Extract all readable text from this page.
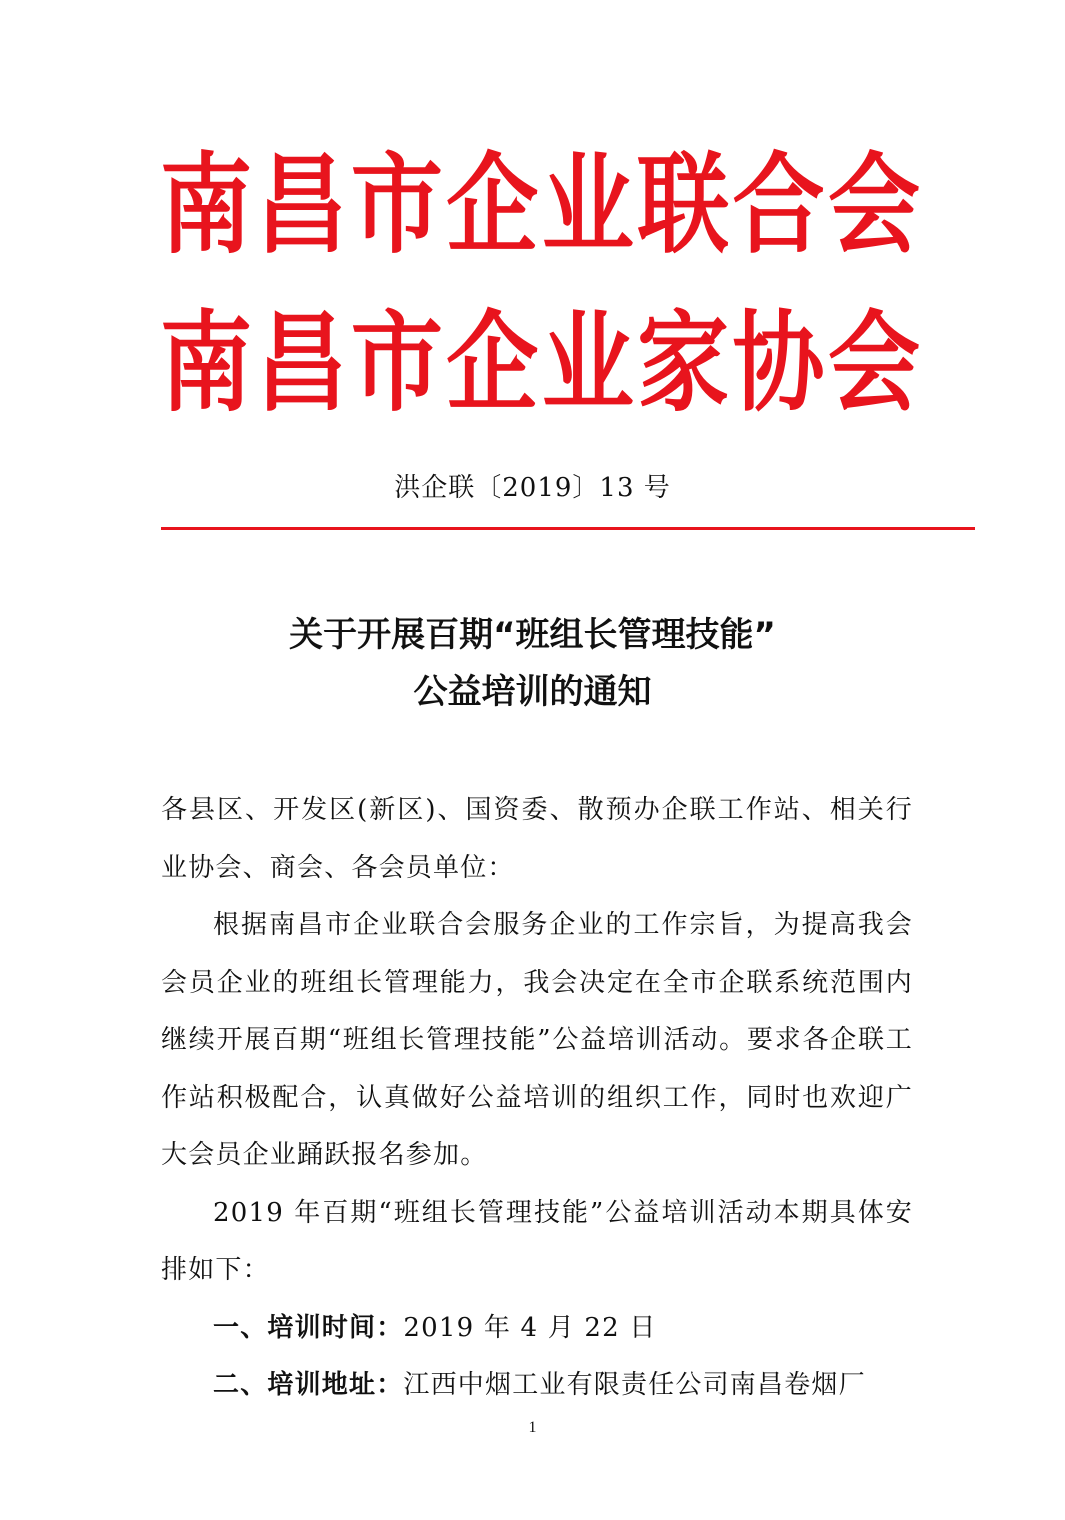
南 昌 市 企 业 联 合 会
南 昌 市 企 业 家 协 会
洪企联〔2019〕13 号
关于开展百期“班组长管理技能”
公益培训的通知

各县区、开发区(新区)、国资委、散预办企联工作站、相关行业协会、商会、各会员单位：

根据南昌市企业联合会服务企业的工作宗旨，为提高我会会员企业的班组长管理能力，我会决定在全市企联系统范围内继续开展百期“班组长管理技能”公益培训活动。要求各企联工作站积极配合，认真做好公益培训的组织工作，同时也欢迎广大会员企业踊跃报名参加。

2019 年百期“班组长管理技能”公益培训活动本期具体安排如下：

一、培训时间：2019 年 4 月 22 日

二、培训地址：江西中烟工业有限责任公司南昌卷烟厂

1
